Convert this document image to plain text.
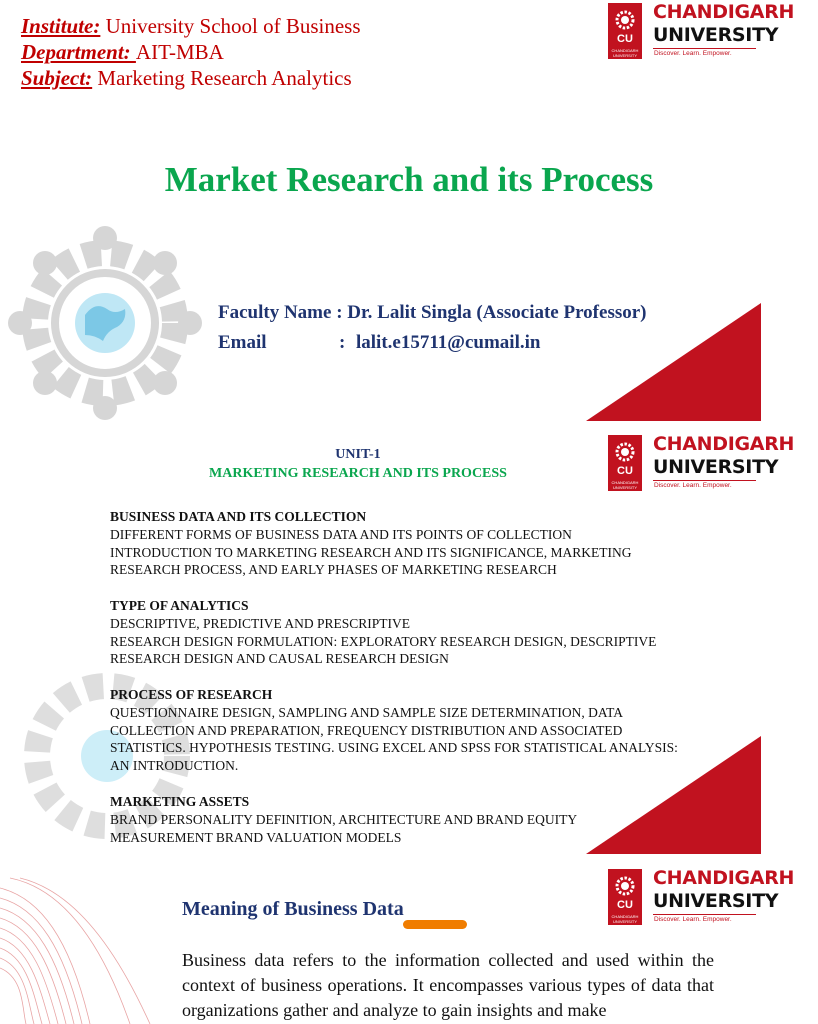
Institute: University School of Business
Department: AIT-MBA
Subject: Marketing Research Analytics
CU
CHANDIGARH UNIVERSITY
CHANDIGARH
UNIVERSITY
Discover. Learn. Empower.
Market Research and its Process
Faculty Name : Dr. Lalit Singla (Associate Professor)
Email	: lalit.e15711@cumail.in
CU
CHANDIGARH UNIVERSITY
CHANDIGARH
UNIVERSITY
Discover. Learn. Empower.
UNIT-1
MARKETING RESEARCH AND ITS PROCESS
BUSINESS DATA AND ITS COLLECTION
DIFFERENT FORMS OF BUSINESS DATA AND ITS POINTS OF COLLECTION
INTRODUCTION TO MARKETING RESEARCH AND ITS SIGNIFICANCE, MARKETING
RESEARCH PROCESS, AND EARLY PHASES OF MARKETING RESEARCH
TYPE OF ANALYTICS
DESCRIPTIVE, PREDICTIVE AND PRESCRIPTIVE
RESEARCH DESIGN FORMULATION: EXPLORATORY RESEARCH DESIGN, DESCRIPTIVE
RESEARCH DESIGN AND CAUSAL RESEARCH DESIGN
PROCESS OF RESEARCH
QUESTIONNAIRE DESIGN, SAMPLING AND SAMPLE SIZE DETERMINATION, DATA
COLLECTION AND PREPARATION, FREQUENCY DISTRIBUTION AND ASSOCIATED
STATISTICS. HYPOTHESIS TESTING. USING EXCEL AND SPSS FOR STATISTICAL ANALYSIS:
AN INTRODUCTION.
MARKETING ASSETS
BRAND PERSONALITY DEFINITION, ARCHITECTURE AND BRAND EQUITY
MEASUREMENT BRAND VALUATION MODELS
CU
CHANDIGARH UNIVERSITY
CHANDIGARH
UNIVERSITY
Discover. Learn. Empower.
Meaning of Business Data
Business data refers to the information collected and used within the context of business operations. It encompasses various types of data that organizations gather and analyze to gain insights and make
